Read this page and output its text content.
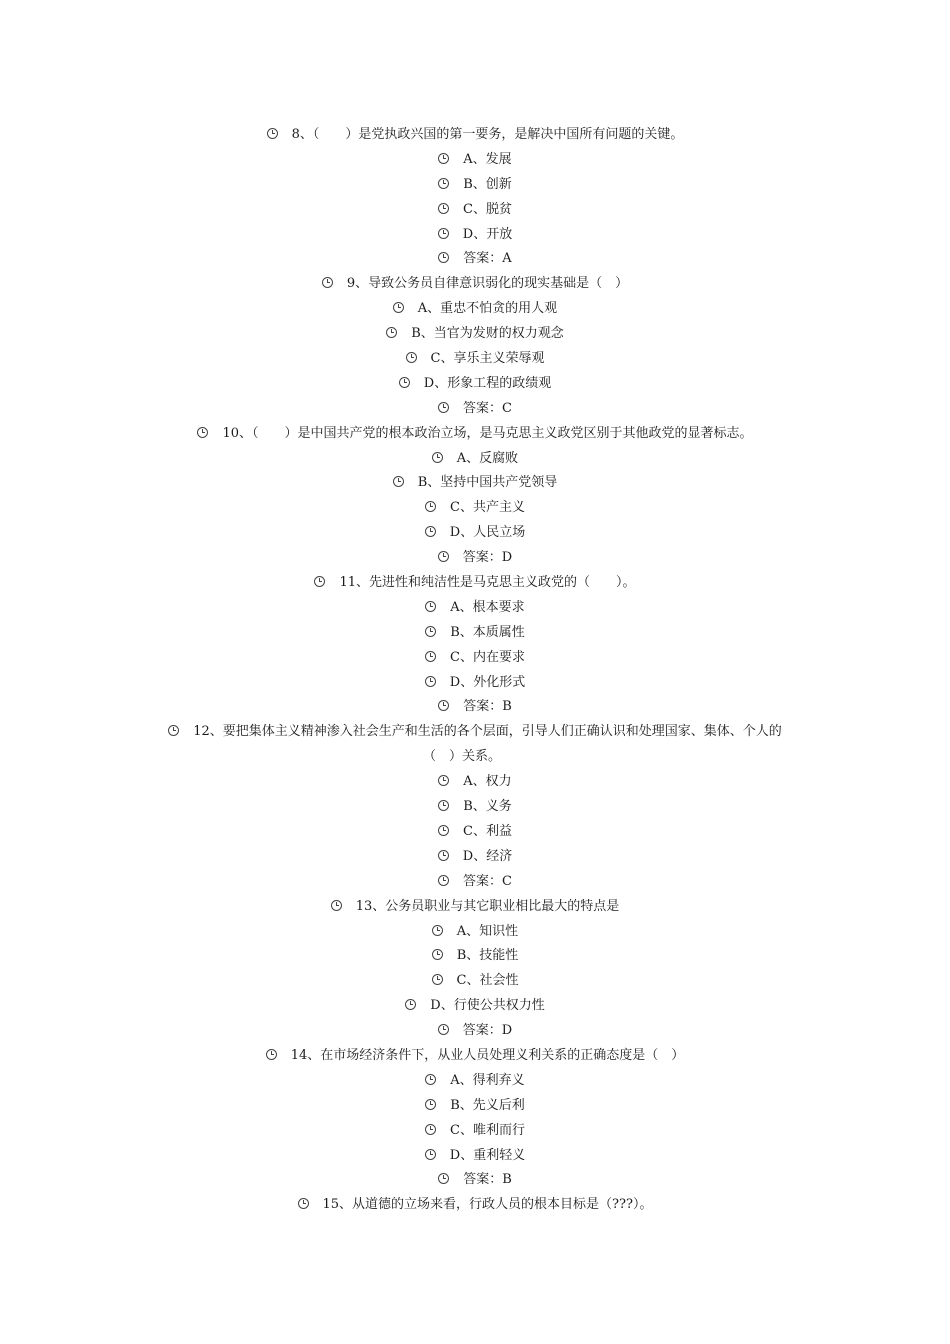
8、（　　）是党执政兴国的第一要务，是解决中国所有问题的关键。
A、发展
B、创新
C、脱贫
D、开放
答案：A
9、导致公务员自律意识弱化的现实基础是（　）
A、重忠不怕贪的用人观
B、当官为发财的权力观念
C、享乐主义荣辱观
D、形象工程的政绩观
答案：C
10、（　　）是中国共产党的根本政治立场，是马克思主义政党区别于其他政党的显著标志。
A、反腐败
B、坚持中国共产党领导
C、共产主义
D、人民立场
答案：D
11、先进性和纯洁性是马克思主义政党的（　　）。
A、根本要求
B、本质属性
C、内在要求
D、外化形式
答案：B
12、要把集体主义精神渗入社会生产和生活的各个层面，引导人们正确认识和处理国家、集体、个人的
（　）关系。
A、权力
B、义务
C、利益
D、经济
答案：C
13、公务员职业与其它职业相比最大的特点是
A、知识性
B、技能性
C、社会性
D、行使公共权力性
答案：D
14、在市场经济条件下，从业人员处理义利关系的正确态度是（　）
A、得利弃义
B、先义后利
C、唯利而行
D、重利轻义
答案：B
15、从道德的立场来看，行政人员的根本目标是（???）。
